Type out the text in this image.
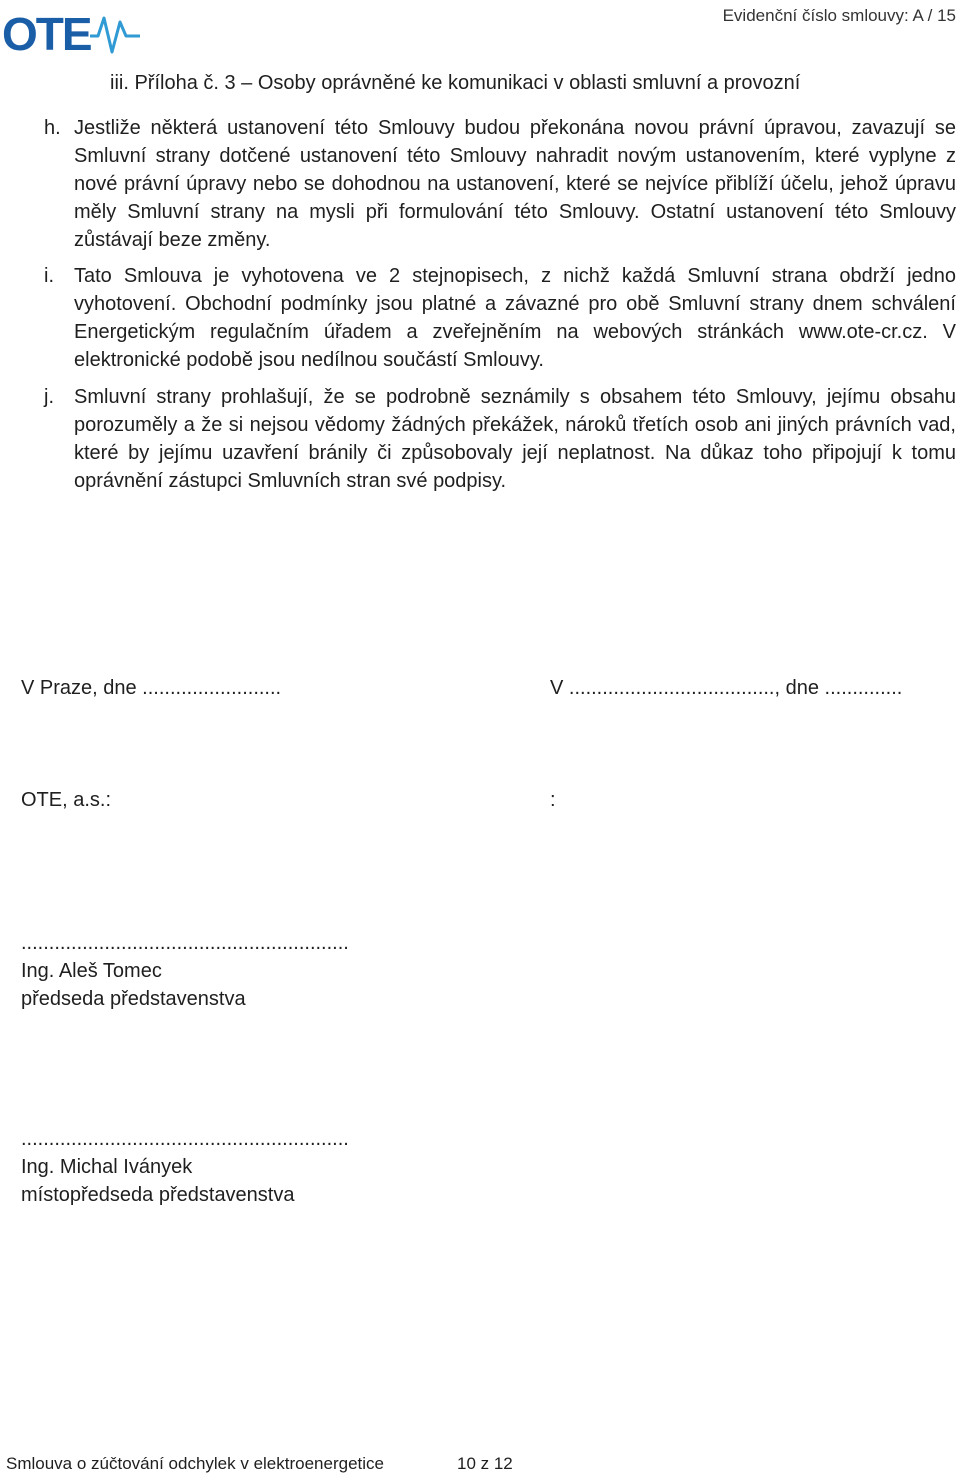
OTE	Evidenční číslo smlouvy: A / 15
iii. Příloha č. 3 – Osoby oprávněné ke komunikaci v oblasti smluvní a provozní
h. Jestliže některá ustanovení této Smlouvy budou překonána novou právní úpravou, zavazují se Smluvní strany dotčené ustanovení této Smlouvy nahradit novým ustanovením, které vyplyne z nové právní úpravy nebo se dohodnou na ustanovení, které se nejvíce přiblíží účelu, jehož úpravu měly Smluvní strany na mysli při formulování této Smlouvy. Ostatní ustanovení této Smlouvy zůstávají beze změny.
i. Tato Smlouva je vyhotovena ve 2 stejnopisech, z nichž každá Smluvní strana obdrží jedno vyhotovení. Obchodní podmínky jsou platné a závazné pro obě Smluvní strany dnem schválení Energetickým regulačním úřadem a zveřejněním na webových stránkách www.ote-cr.cz. V elektronické podobě jsou nedílnou součástí Smlouvy.
j. Smluvní strany prohlašují, že se podrobně seznámily s obsahem této Smlouvy, jejímu obsahu porozuměly a že si nejsou vědomy žádných překážek, nároků třetích osob ani jiných právních vad, které by jejímu uzavření bránily či způsobovaly její neplatnost. Na důkaz toho připojují k tomu oprávnění zástupci Smluvních stran své podpisy.
V Praze, dne .........................	V ....................................., dne ..............
OTE, a.s.:	:
...........................................................
Ing. Aleš Tomec
předseda představenstva
...........................................................
Ing. Michal Iványek
místopředseda představenstva
Smlouva o zúčtování odchylek v elektroenergetice	10 z 12
